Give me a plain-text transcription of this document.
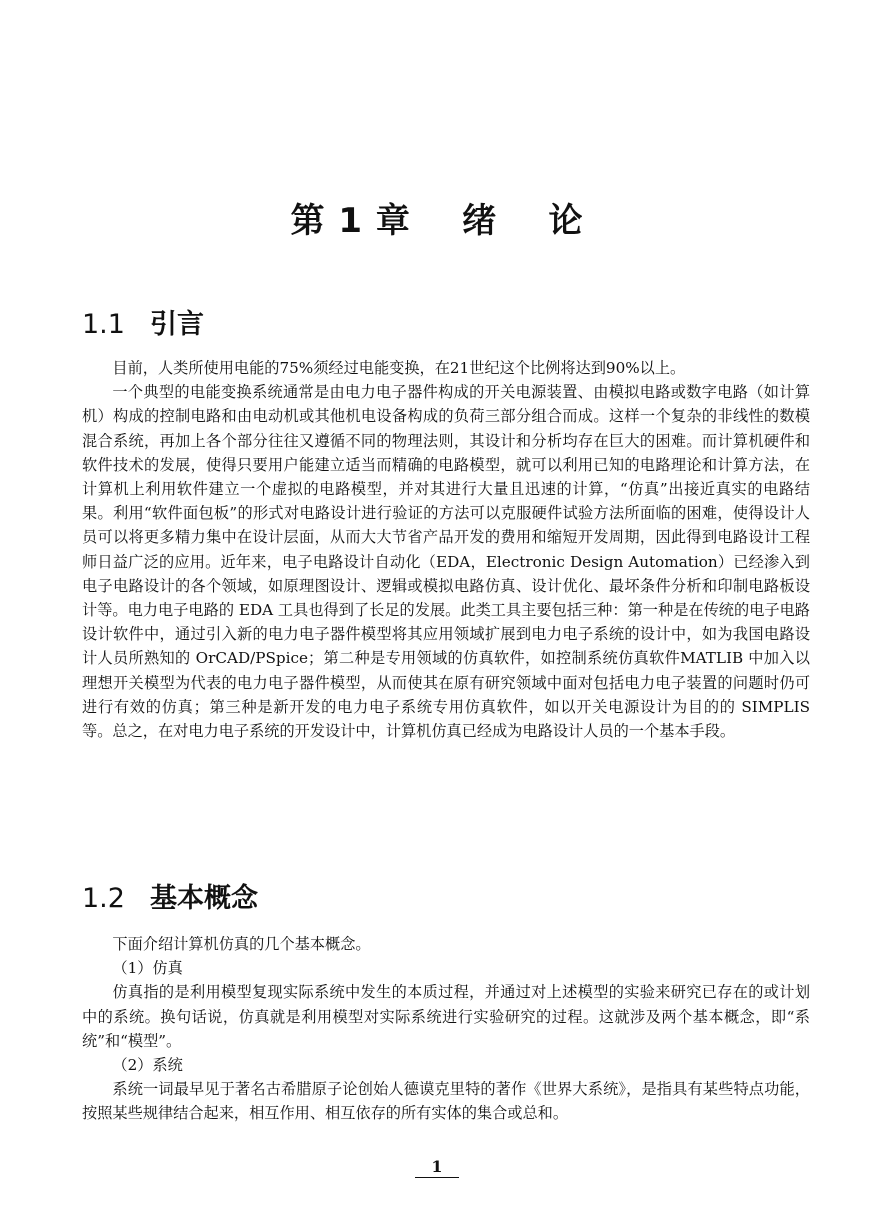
第 1 章    绪    论
1.1 引言

目前，人类所使用电能的75%须经过电能变换，在21世纪这个比例将达到90%以上。

一个典型的电能变换系统通常是由电力电子器件构成的开关电源装置、由模拟电路或数字电路（如计算机）构成的控制电路和由电动机或其他机电设备构成的负荷三部分组合而成。这样一个复杂的非线性的数模混合系统，再加上各个部分往往又遵循不同的物理法则，其设计和分析均存在巨大的困难。而计算机硬件和软件技术的发展，使得只要用户能建立适当而精确的电路模型，就可以利用已知的电路理论和计算方法，在计算机上利用软件建立一个虚拟的电路模型，并对其进行大量且迅速的计算，“仿真”出接近真实的电路结果。利用“软件面包板”的形式对电路设计进行验证的方法可以克服硬件试验方法所面临的困难，使得设计人员可以将更多精力集中在设计层面，从而大大节省产品开发的费用和缩短开发周期，因此得到电路设计工程师日益广泛的应用。近年来，电子电路设计自动化（EDA，Electronic Design Automation）已经渗入到电子电路设计的各个领域，如原理图设计、逻辑或模拟电路仿真、设计优化、最坏条件分析和印制电路板设计等。电力电子电路的 EDA 工具也得到了长足的发展。此类工具主要包括三种：第一种是在传统的电子电路设计软件中，通过引入新的电力电子器件模型将其应用领域扩展到电力电子系统的设计中，如为我国电路设计人员所熟知的 OrCAD/PSpice；第二种是专用领域的仿真软件，如控制系统仿真软件MATLIB 中加入以理想开关模型为代表的电力电子器件模型，从而使其在原有研究领域中面对包括电力电子装置的问题时仍可进行有效的仿真；第三种是新开发的电力电子系统专用仿真软件，如以开关电源设计为目的的 SIMPLIS 等。总之，在对电力电子系统的开发设计中，计算机仿真已经成为电路设计人员的一个基本手段。

1.2 基本概念

下面介绍计算机仿真的几个基本概念。

（1）仿真

仿真指的是利用模型复现实际系统中发生的本质过程，并通过对上述模型的实验来研究已存在的或计划中的系统。换句话说，仿真就是利用模型对实际系统进行实验研究的过程。这就涉及两个基本概念，即“系统”和“模型”。

（2）系统

系统一词最早见于著名古希腊原子论创始人德谟克里特的著作《世界大系统》，是指具有某些特点功能，按照某些规律结合起来，相互作用、相互依存的所有实体的集合或总和。

1
